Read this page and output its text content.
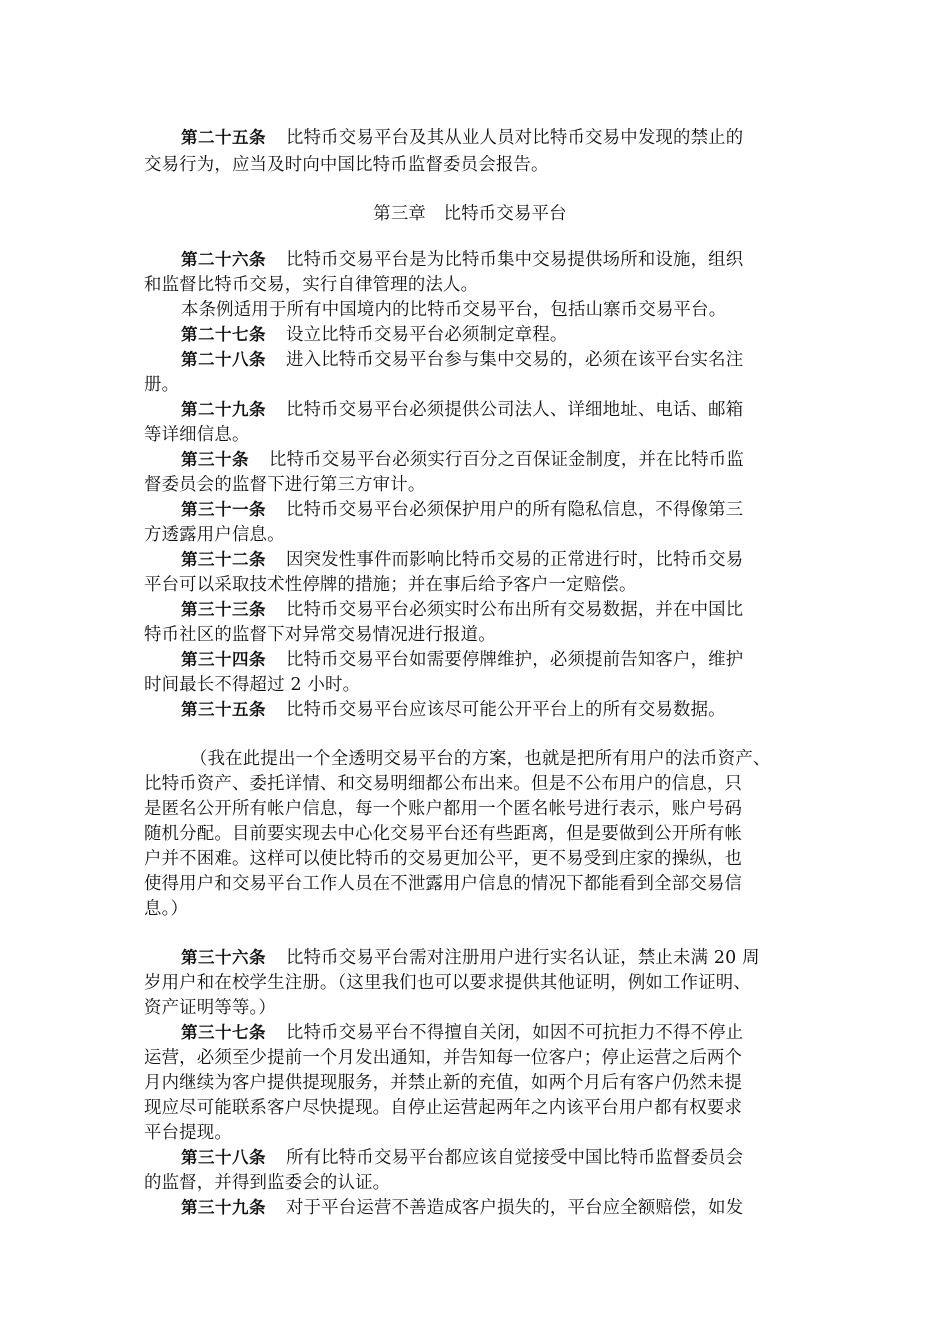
第二十五条 比特币交易平台及其从业人员对比特币交易中发现的禁止的
交易行为，应当及时向中国比特币监督委员会报告。
第三章　比特币交易平台
第二十六条 比特币交易平台是为比特币集中交易提供场所和设施，组织
和监督比特币交易，实行自律管理的法人。
本条例适用于所有中国境内的比特币交易平台，包括山寨币交易平台。
第二十七条 设立比特币交易平台必须制定章程。
第二十八条 进入比特币交易平台参与集中交易的，必须在该平台实名注
册。
第二十九条 比特币交易平台必须提供公司法人、详细地址、电话、邮箱
等详细信息。
第三十条 比特币交易平台必须实行百分之百保证金制度，并在比特币监
督委员会的监督下进行第三方审计。
第三十一条 比特币交易平台必须保护用户的所有隐私信息，不得像第三
方透露用户信息。
第三十二条 因突发性事件而影响比特币交易的正常进行时，比特币交易
平台可以采取技术性停牌的措施；并在事后给予客户一定赔偿。
第三十三条 比特币交易平台必须实时公布出所有交易数据，并在中国比
特币社区的监督下对异常交易情况进行报道。
第三十四条 比特币交易平台如需要停牌维护，必须提前告知客户，维护
时间最长不得超过 2 小时。
第三十五条 比特币交易平台应该尽可能公开平台上的所有交易数据。
（我在此提出一个全透明交易平台的方案，也就是把所有用户的法币资产、
比特币资产、委托详情、和交易明细都公布出来。但是不公布用户的信息，只
是匿名公开所有帐户信息，每一个账户都用一个匿名帐号进行表示，账户号码
随机分配。目前要实现去中心化交易平台还有些距离，但是要做到公开所有帐
户并不困难。这样可以使比特币的交易更加公平，更不易受到庄家的操纵，也
使得用户和交易平台工作人员在不泄露用户信息的情况下都能看到全部交易信
息。）
第三十六条 比特币交易平台需对注册用户进行实名认证，禁止未满 20 周
岁用户和在校学生注册。（这里我们也可以要求提供其他证明，例如工作证明、
资产证明等等。）
第三十七条 比特币交易平台不得擅自关闭，如因不可抗拒力不得不停止
运营，必须至少提前一个月发出通知，并告知每一位客户；停止运营之后两个
月内继续为客户提供提现服务，并禁止新的充值，如两个月后有客户仍然未提
现应尽可能联系客户尽快提现。自停止运营起两年之内该平台用户都有权要求
平台提现。
第三十八条 所有比特币交易平台都应该自觉接受中国比特币监督委员会
的监督，并得到监委会的认证。
第三十九条 对于平台运营不善造成客户损失的，平台应全额赔偿，如发
